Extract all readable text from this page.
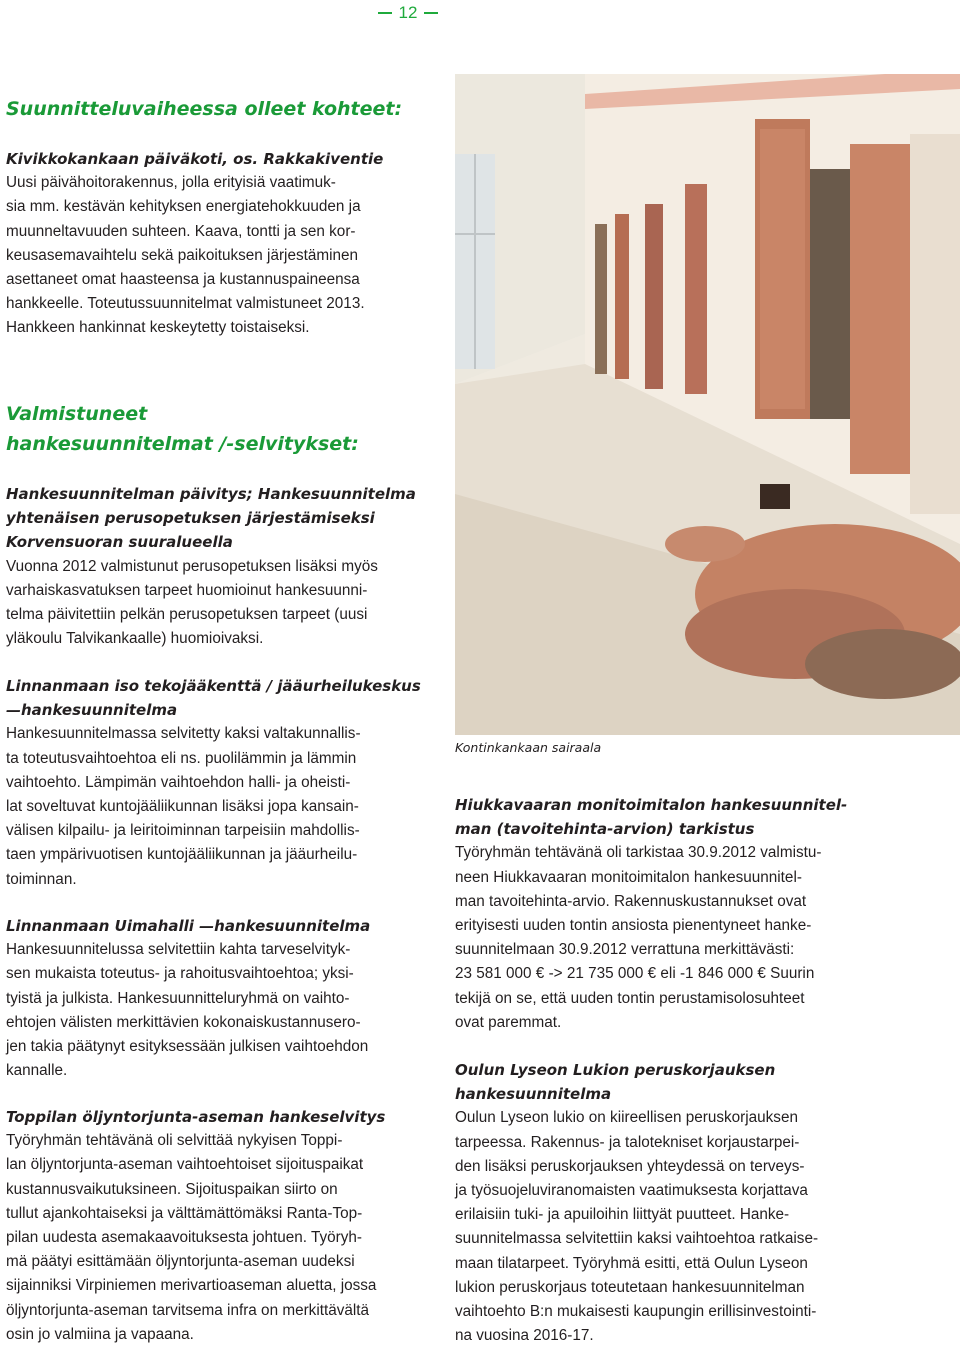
12
Suunnitteluvaiheessa olleet kohteet:
Kivikkokankaan päiväkoti, os. Rakkakiventie

Uusi päivähoitorakennus, jolla erityisiä vaatimuk-

sia mm. kestävän kehityksen energiatehokkuuden ja

muunneltavuuden suhteen. Kaava, tontti ja sen kor-

keusasemavaihtelu sekä paikoituksen järjestäminen

asettaneet omat haasteensa ja kustannuspaineensa

hankkeelle. Toteutussuunnitelmat valmistuneet 2013.

Hankkeen hankinnat keskeytetty toistaiseksi.

Valmistuneet
hankesuunnitelmat /-selvitykset:
Hankesuunnitelman päivitys; Hankesuunnitelma
yhtenäisen perusopetuksen järjestämiseksi
Korvensuoran suuralueella

Vuonna 2012 valmistunut perusopetuksen lisäksi myös

varhaiskasvatuksen tarpeet huomioinut hankesuunni-

telma päivitettiin pelkän perusopetuksen tarpeet (uusi

yläkoulu Talvikankaalle) huomioivaksi.

Linnanmaan iso tekojääkenttä / jääurheilukeskus
—hankesuunnitelma

Hankesuunnitelmassa selvitetty kaksi valtakunnallis-

ta toteutusvaihtoehtoa eli ns. puolilämmin ja lämmin

vaihtoehto. Lämpimän vaihtoehdon halli- ja oheisti-

lat soveltuvat kuntojääliikunnan lisäksi jopa kansain-

välisen kilpailu- ja leiritoiminnan tarpeisiin mahdollis-

taen ympärivuotisen kuntojääliikunnan ja jääurheilu-

toiminnan.

Linnanmaan Uimahalli —hankesuunnitelma

Hankesuunnitelussa selvitettiin kahta tarveselvityk-

sen mukaista toteutus- ja rahoitusvaihtoehtoa; yksi-

tyistä ja julkista. Hankesuunnitteluryhmä on vaihto-

ehtojen välisten merkittävien kokonaiskustannusero-

jen takia päätynyt esityksessään julkisen vaihtoehdon

kannalle.

Toppilan öljyntorjunta-aseman hankeselvitys

Työryhmän tehtävänä oli selvittää nykyisen Toppi-

lan öljyntorjunta-aseman vaihtoehtoiset sijoituspaikat

kustannusvaikutuksineen. Sijoituspaikan siirto on

tullut ajankohtaiseksi ja välttämättömäksi Ranta-Top-

pilan uudesta asemakaavoituksesta johtuen. Työryh-

mä päätyi esittämään öljyntorjunta-aseman uudeksi

sijainniksi Virpiniemen merivartioaseman aluetta, jossa

öljyntorjunta-aseman tarvitsema infra on merkittävältä

osin jo valmiina ja vapaana.

Kontinkankaan sairaala
Hiukkavaaran monitoimitalon hankesuunnitel-
man (tavoitehinta-arvion) tarkistus

Työryhmän tehtävänä oli tarkistaa 30.9.2012 valmistu-

neen Hiukkavaaran monitoimitalon hankesuunnitel-

man tavoitehinta-arvio. Rakennuskustannukset ovat

erityisesti uuden tontin ansiosta pienentyneet hanke-

suunnitelmaan 30.9.2012 verrattuna merkittävästi:

23 581 000 € -> 21 735 000 € eli -1 846 000 € Suurin

tekijä on se, että uuden tontin perustamisolosuhteet

ovat paremmat.

Oulun Lyseon Lukion peruskorjauksen
hankesuunnitelma

Oulun Lyseon lukio on kiireellisen peruskorjauksen

tarpeessa. Rakennus- ja talotekniset korjaustarpei-

den lisäksi peruskorjauksen yhteydessä on terveys-

ja työsuojeluviranomaisten vaatimuksesta korjattava

erilaisiin tuki- ja apuiloihin liittyät puutteet. Hanke-

suunnitelmassa selvitettiin kaksi vaihtoehtoa ratkaise-

maan tilatarpeet. Työryhmä esitti, että Oulun Lyseon

lukion peruskorjaus toteutetaan hankesuunnitelman

vaihtoehto B:n mukaisesti kaupungin erillisinvestointi-

na vuosina 2016-17.
